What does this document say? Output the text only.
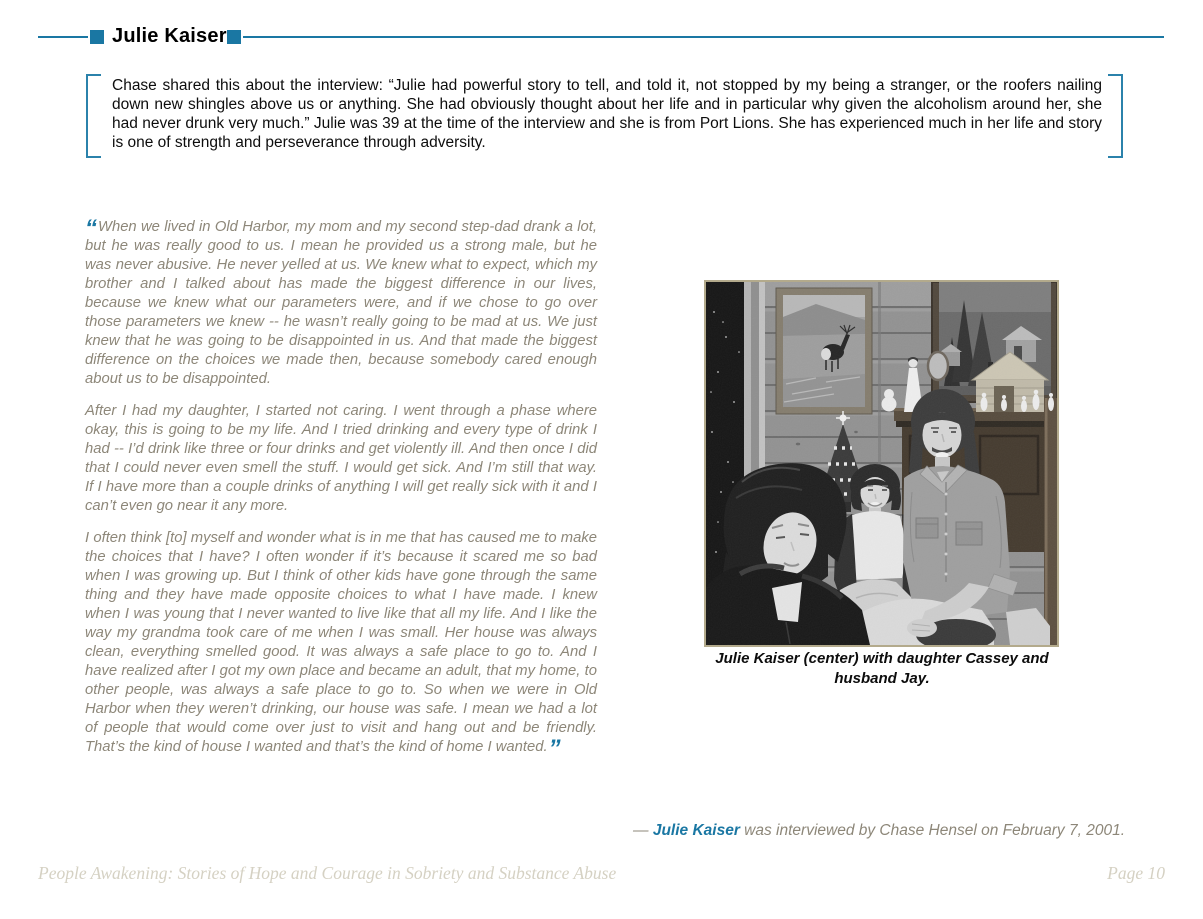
Julie Kaiser
Chase shared this about the interview: “Julie had powerful story to tell, and told it, not stopped by my being a stranger, or the roofers nailing down new shingles above us or anything. She had obviously thought about her life and in particular why given the alcoholism around her, she had never drunk very much.” Julie was 39 at the time of the interview and she is from Port Lions. She has experienced much in her life and story is one of strength and perseverance through adversity.

“When we lived in Old Harbor, my mom and my second step-dad drank a lot, but he was really good to us. I mean he provided us a strong male, but he was never abusive. He never yelled at us. We knew what to expect, which my brother and I talked about has made the biggest difference in our lives, because we knew what our parameters were, and if we chose to go over those parameters we knew -- he wasn’t really going to be mad at us. We just knew that he was going to be disappointed in us. And that made the biggest difference on the choices we made then, because somebody cared enough about us to be disappointed.

After I had my daughter, I started not caring. I went through a phase where okay, this is going to be my life. And I tried drinking and every type of drink I had -- I’d drink like three or four drinks and get violently ill. And then once I did that I could never even smell the stuff. I would get sick. And I’m still that way. If I have more than a couple drinks of anything I will get really sick with it and I can’t even go near it any more.

I often think [to] myself and wonder what is in me that has caused me to make the choices that I have? I often wonder if it’s because it scared me so bad when I was growing up. But I think of other kids have gone through the same thing and they have made opposite choices to what I have made. I knew when I was young that I never wanted to live like that all my life. And I like the way my grandma took care of me when I was small. Her house was always clean, everything smelled good. It was always a safe place to go to. And I have realized after I got my own place and became an adult, that my home, to other people, was always a safe place to go to. So when we were in Old Harbor when they weren’t drinking, our house was safe. I mean we had a lot of people that would come over just to visit and hang out and be friendly. That’s the kind of house I wanted and that’s the kind of home I wanted.”

Julie Kaiser (center) with daughter Cassey and husband Jay.
— Julie Kaiser was interviewed by Chase Hensel on February 7, 2001.
People Awakening: Stories of Hope and Courage in Sobriety and Substance Abuse	Page 10
